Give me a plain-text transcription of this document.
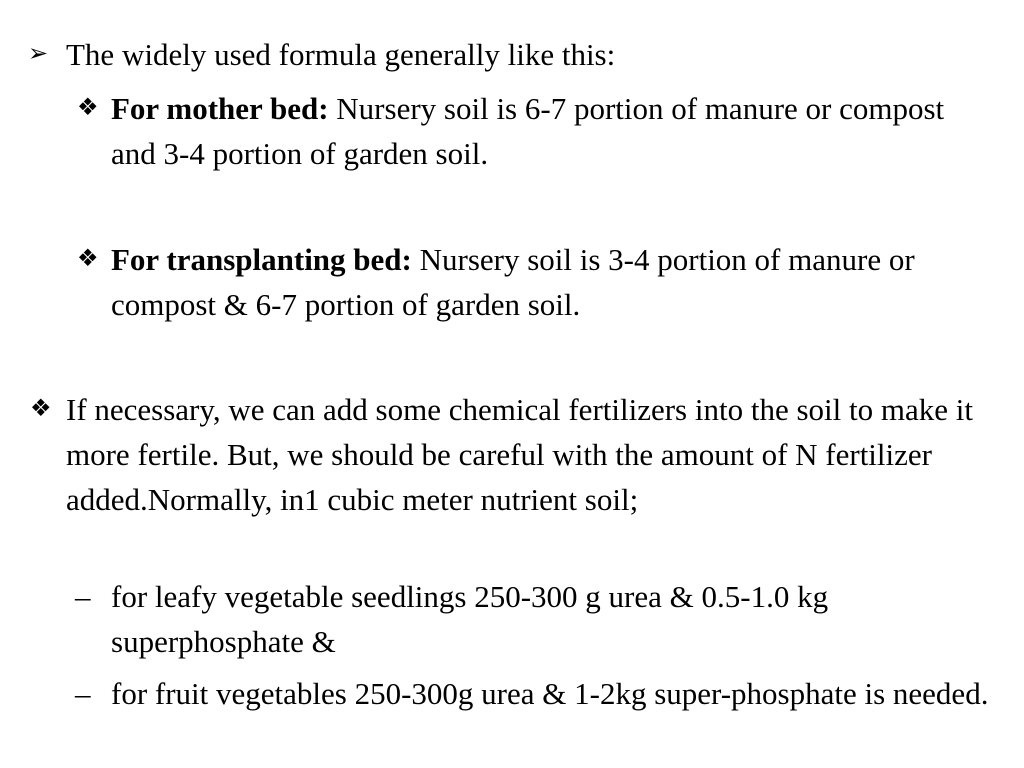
➢ The widely used formula generally like this:
❖ For mother bed: Nursery soil is 6-7 portion of manure or compost and 3-4 portion of garden soil.
❖ For transplanting bed: Nursery soil is 3-4 portion of manure or compost & 6-7 portion of garden soil.
❖ If necessary, we can add some chemical fertilizers into the soil to make it more fertile. But, we should be careful with the amount of N fertilizer added.Normally, in1 cubic meter nutrient soil;
– for leafy vegetable seedlings 250-300 g urea & 0.5-1.0 kg superphosphate &
– for fruit vegetables 250-300g urea & 1-2kg super-phosphate is needed.
